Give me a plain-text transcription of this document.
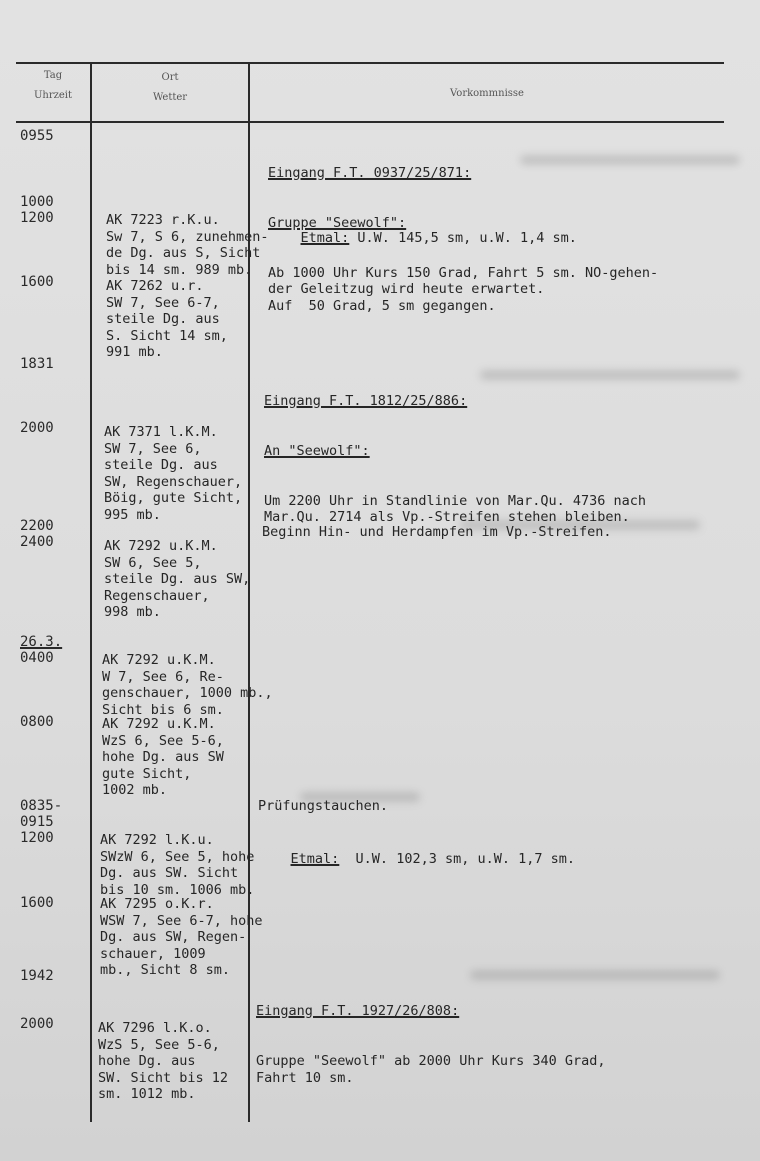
Tag
Uhrzeit
Ort
Wetter	Vorkommnisse
0955
1000
1200
1600
1831
2000
2200
2400
26.3.
0400
0800
0835-
0915
1200
1600
1942
2000
AK 7223 r.K.u.
Sw 7, S 6, zunehmen-
de Dg. aus S, Sicht
bis 14 sm. 989 mb.
AK 7262 u.r.
SW 7, See 6-7,
steile Dg. aus
S. Sicht 14 sm,
991 mb.
AK 7371 l.K.M.
SW 7, See 6,
steile Dg. aus
SW, Regenschauer,
Böig, gute Sicht,
995 mb.
AK 7292 u.K.M.
SW 6, See 5,
steile Dg. aus SW,
Regenschauer,
998 mb.
AK 7292 u.K.M.
W 7, See 6, Re-
genschauer, 1000 mb.,
Sicht bis 6 sm.
AK 7292 u.K.M.
WzS 6, See 5-6,
hohe Dg. aus SW
gute Sicht,
1002 mb.
AK 7292 l.K.u.
SWzW 6, See 5, hohe
Dg. aus SW. Sicht
bis 10 sm. 1006 mb.
AK 7295 o.K.r.
WSW 7, See 6-7, hohe
Dg. aus SW, Regen-
schauer, 1009
mb., Sicht 8 sm.
AK 7296 l.K.o.
WzS 5, See 5-6,
hohe Dg. aus
SW. Sicht bis 12
sm. 1012 mb.

Eingang F.T. 0937/25/871:

Gruppe "Seewolf":

Ab 1000 Uhr Kurs 150 Grad, Fahrt 5 sm. NO-gehen-
der Geleitzug wird heute erwartet.
Auf  50 Grad, 5 sm gegangen.

Etmal: U.W. 145,5 sm, u.W. 1,4 sm.

Eingang F.T. 1812/25/886:

An "Seewolf":

Um 2200 Uhr in Standlinie von Mar.Qu. 4736 nach
Mar.Qu. 2714 als Vp.-Streifen stehen bleiben.

Beginn Hin- und Herdampfen im Vp.-Streifen.
Prüfungstauchen.

Etmal:  U.W. 102,3 sm, u.W. 1,7 sm.

Eingang F.T. 1927/26/808:

Gruppe "Seewolf" ab 2000 Uhr Kurs 340 Grad,
Fahrt 10 sm.
